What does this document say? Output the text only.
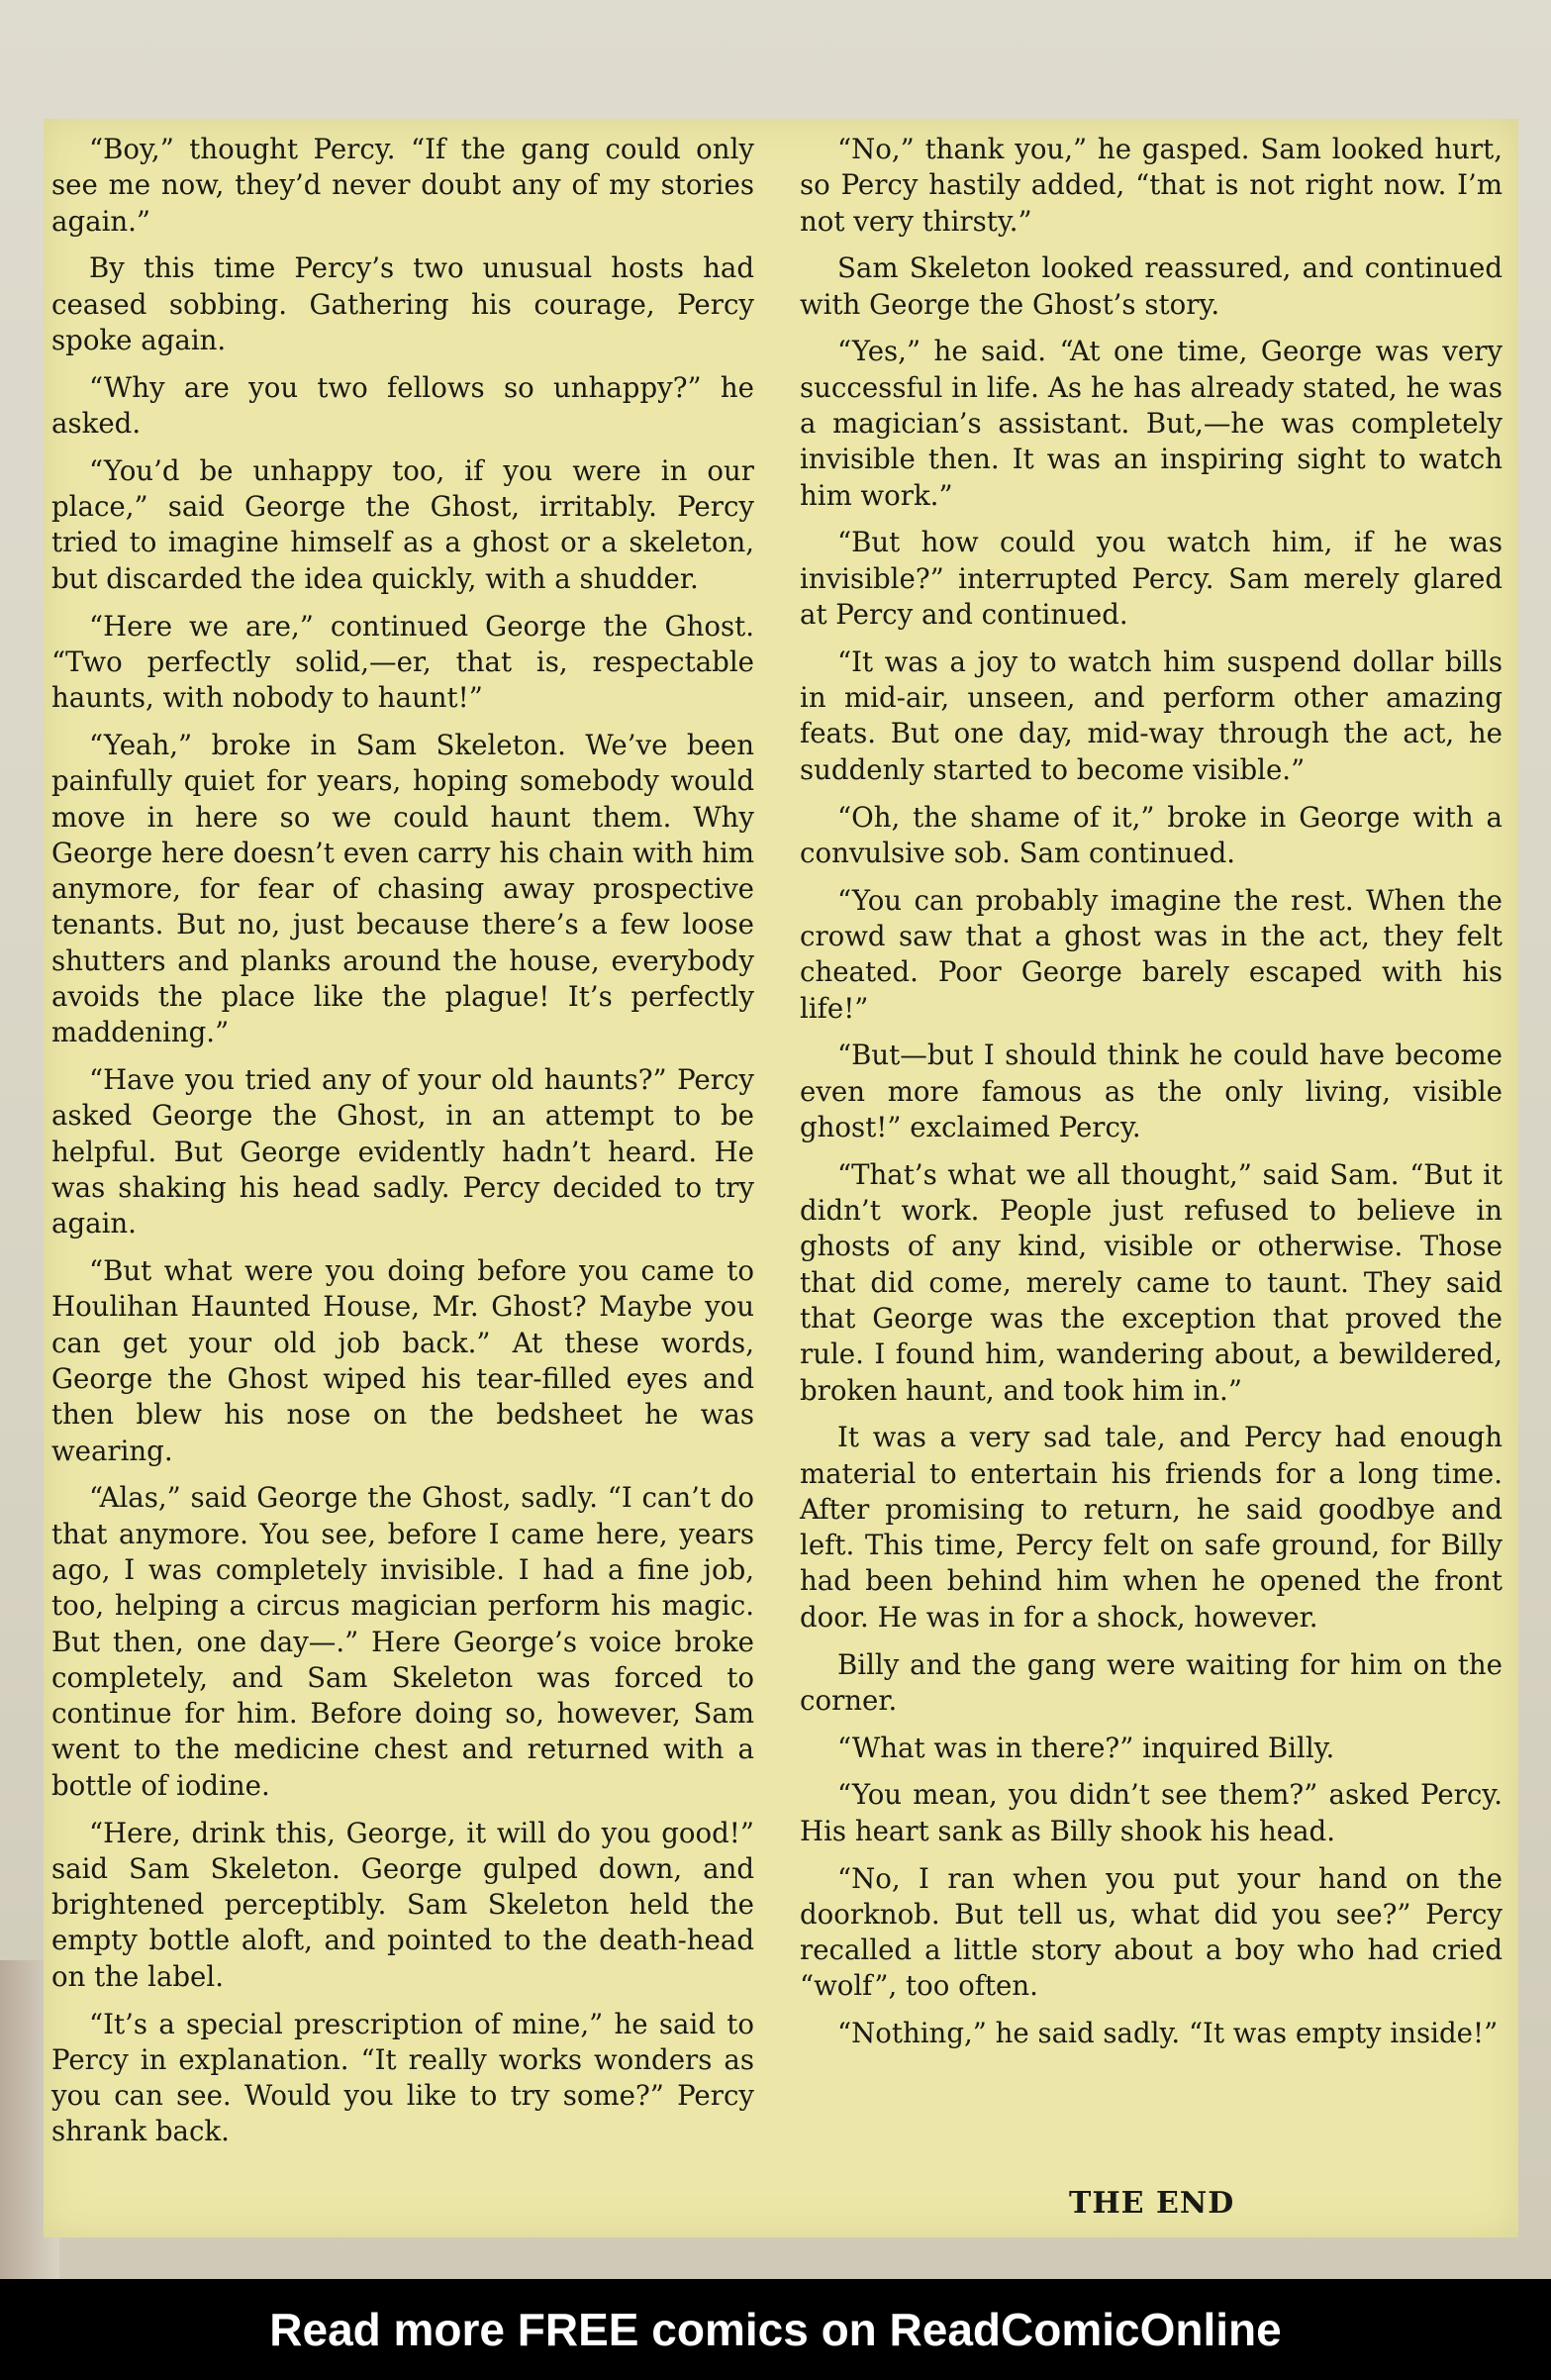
“Boy,” thought Percy. “If the gang could only see me now, they’d never doubt any of my stories again.”

By this time Percy’s two unusual hosts had ceased sobbing. Gathering his courage, Percy spoke again.

“Why are you two fellows so unhappy?” he asked.

“You’d be unhappy too, if you were in our place,” said George the Ghost, irritably. Percy tried to imagine himself as a ghost or a skeleton, but discarded the idea quickly, with a shudder.

“Here we are,” continued George the Ghost. “Two perfectly solid,—er, that is, respectable haunts, with nobody to haunt!”

“Yeah,” broke in Sam Skeleton. We’ve been painfully quiet for years, hoping somebody would move in here so we could haunt them. Why George here doesn’t even carry his chain with him anymore, for fear of chasing away prospective tenants. But no, just because there’s a few loose shutters and planks around the house, everybody avoids the place like the plague! It’s perfectly maddening.”

“Have you tried any of your old haunts?” Percy asked George the Ghost, in an attempt to be helpful. But George evidently hadn’t heard. He was shaking his head sadly. Percy decided to try again.

“But what were you doing before you came to Houlihan Haunted House, Mr. Ghost? Maybe you can get your old job back.” At these words, George the Ghost wiped his tear-filled eyes and then blew his nose on the bedsheet he was wearing.

“Alas,” said George the Ghost, sadly. “I can’t do that anymore. You see, before I came here, years ago, I was completely invisible. I had a fine job, too, helping a circus magician perform his magic. But then, one day—.” Here George’s voice broke completely, and Sam Skeleton was forced to continue for him. Before doing so, however, Sam went to the medicine chest and returned with a bottle of iodine.

“Here, drink this, George, it will do you good!” said Sam Skeleton. George gulped down, and brightened perceptibly. Sam Skeleton held the empty bottle aloft, and pointed to the death-head on the label.

“It’s a special prescription of mine,” he said to Percy in explanation. “It really works wonders as you can see. Would you like to try some?” Percy shrank back.

“No,” thank you,” he gasped. Sam looked hurt, so Percy hastily added, “that is not right now. I’m not very thirsty.”

Sam Skeleton looked reassured, and continued with George the Ghost’s story.

“Yes,” he said. “At one time, George was very successful in life. As he has already stated, he was a magician’s assistant. But,—he was completely invisible then. It was an inspiring sight to watch him work.”

“But how could you watch him, if he was invisible?” interrupted Percy. Sam merely glared at Percy and continued.

“It was a joy to watch him suspend dollar bills in mid-air, unseen, and perform other amazing feats. But one day, mid-way through the act, he suddenly started to become visible.”

“Oh, the shame of it,” broke in George with a convulsive sob. Sam continued.

“You can probably imagine the rest. When the crowd saw that a ghost was in the act, they felt cheated. Poor George barely escaped with his life!”

“But—but I should think he could have become even more famous as the only living, visible ghost!” exclaimed Percy.

“That’s what we all thought,” said Sam. “But it didn’t work. People just refused to believe in ghosts of any kind, visible or otherwise. Those that did come, merely came to taunt. They said that George was the exception that proved the rule. I found him, wandering about, a bewildered, broken haunt, and took him in.”

It was a very sad tale, and Percy had enough material to entertain his friends for a long time. After promising to return, he said goodbye and left. This time, Percy felt on safe ground, for Billy had been behind him when he opened the front door. He was in for a shock, however.

Billy and the gang were waiting for him on the corner.

“What was in there?” inquired Billy.

“You mean, you didn’t see them?” asked Percy. His heart sank as Billy shook his head.

“No, I ran when you put your hand on the doorknob. But tell us, what did you see?” Percy recalled a little story about a boy who had cried “wolf”, too often.

“Nothing,” he said sadly. “It was empty inside!”

THE END
Read more FREE comics on ReadComicOnline
